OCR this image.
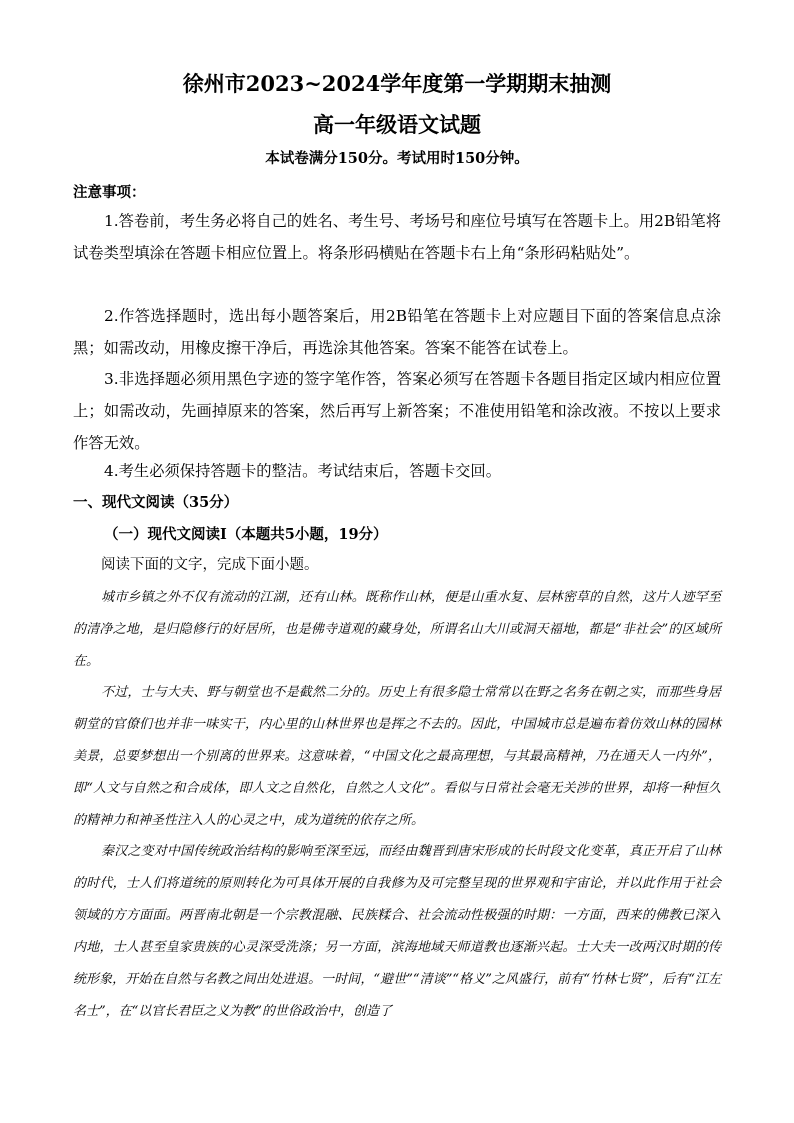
徐州市2023~2024学年度第一学期期末抽测
高一年级语文试题
本试卷满分150分。考试用时150分钟。
注意事项：
1.答卷前，考生务必将自己的姓名、考生号、考场号和座位号填写在答题卡上。用2B铅笔将试卷类型填涂在答题卡相应位置上。将条形码横贴在答题卡右上角“条形码粘贴处”。
2.作答选择题时，选出每小题答案后，用2B铅笔在答题卡上对应题目下面的答案信息点涂黑；如需改动，用橡皮擦干净后，再选涂其他答案。答案不能答在试卷上。
3.非选择题必须用黑色字迹的签字笔作答，答案必须写在答题卡各题目指定区域内相应位置上；如需改动，先画掉原来的答案，然后再写上新答案；不准使用铅笔和涂改液。不按以上要求作答无效。
4.考生必须保持答题卡的整洁。考试结束后，答题卡交回。
一、现代文阅读（35分）
（一）现代文阅读Ⅰ（本题共5小题，19分）
阅读下面的文字，完成下面小题。
城市乡镇之外不仅有流动的江湖，还有山林。既称作山林，便是山重水复、层林密草的自然，这片人迹罕至的清净之地，是归隐修行的好居所，也是佛寺道观的藏身处，所谓名山大川或洞天福地，都是“非社会”的区域所在。
不过，士与大夫、野与朝堂也不是截然二分的。历史上有很多隐士常常以在野之名务在朝之实，而那些身居朝堂的官僚们也并非一味实干，内心里的山林世界也是挥之不去的。因此，中国城市总是遍布着仿效山林的园林美景，总要梦想出一个别离的世界来。这意味着，“中国文化之最高理想，与其最高精神，乃在通天人一内外”，即“人文与自然之和合成体，即人文之自然化，自然之人文化”。看似与日常社会毫无关涉的世界，却将一种恒久的精神力和神圣性注入人的心灵之中，成为道统的依存之所。
秦汉之变对中国传统政治结构的影响至深至远，而经由魏晋到唐宋形成的长时段文化变革，真正开启了山林的时代，士人们将道统的原则转化为可具体开展的自我修为及可完整呈现的世界观和宇宙论，并以此作用于社会领域的方方面面。两晋南北朝是一个宗教混融、民族糅合、社会流动性极强的时期：一方面，西来的佛教已深入内地，士人甚至皇家贵族的心灵深受洗涤；另一方面，滨海地域天师道教也逐渐兴起。士大夫一改两汉时期的传统形象，开始在自然与名教之间出处进退。一时间，“避世”“清谈”“格义”之风盛行，前有“竹林七贤”，后有“江左名士”，在“以官长君臣之义为教”的世俗政治中，创造了
